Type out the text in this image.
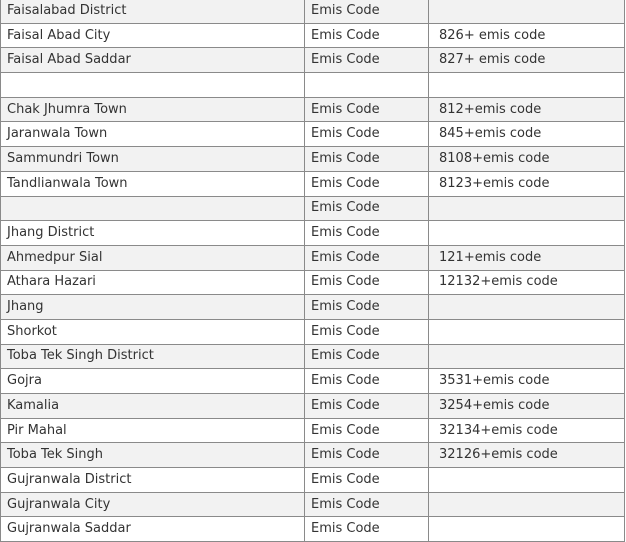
Faisalabad District	Emis Code	
Faisal Abad City	Emis Code	826+ emis code
Faisal Abad Saddar	Emis Code	827+ emis code

Chak Jhumra Town	Emis Code	812+emis code
Jaranwala Town	Emis Code	845+emis code
Sammundri Town	Emis Code	8108+emis code
Tandlianwala Town	Emis Code	8123+emis code
	Emis Code	
Jhang District	Emis Code	
Ahmedpur Sial	Emis Code	121+emis code
Athara Hazari	Emis Code	12132+emis code
Jhang	Emis Code	
Shorkot	Emis Code	
Toba Tek Singh District	Emis Code	
Gojra	Emis Code	3531+emis code
Kamalia	Emis Code	3254+emis code
Pir Mahal	Emis Code	32134+emis code
Toba Tek Singh	Emis Code	32126+emis code
Gujranwala District	Emis Code	
Gujranwala City	Emis Code	
Gujranwala Saddar	Emis Code	
